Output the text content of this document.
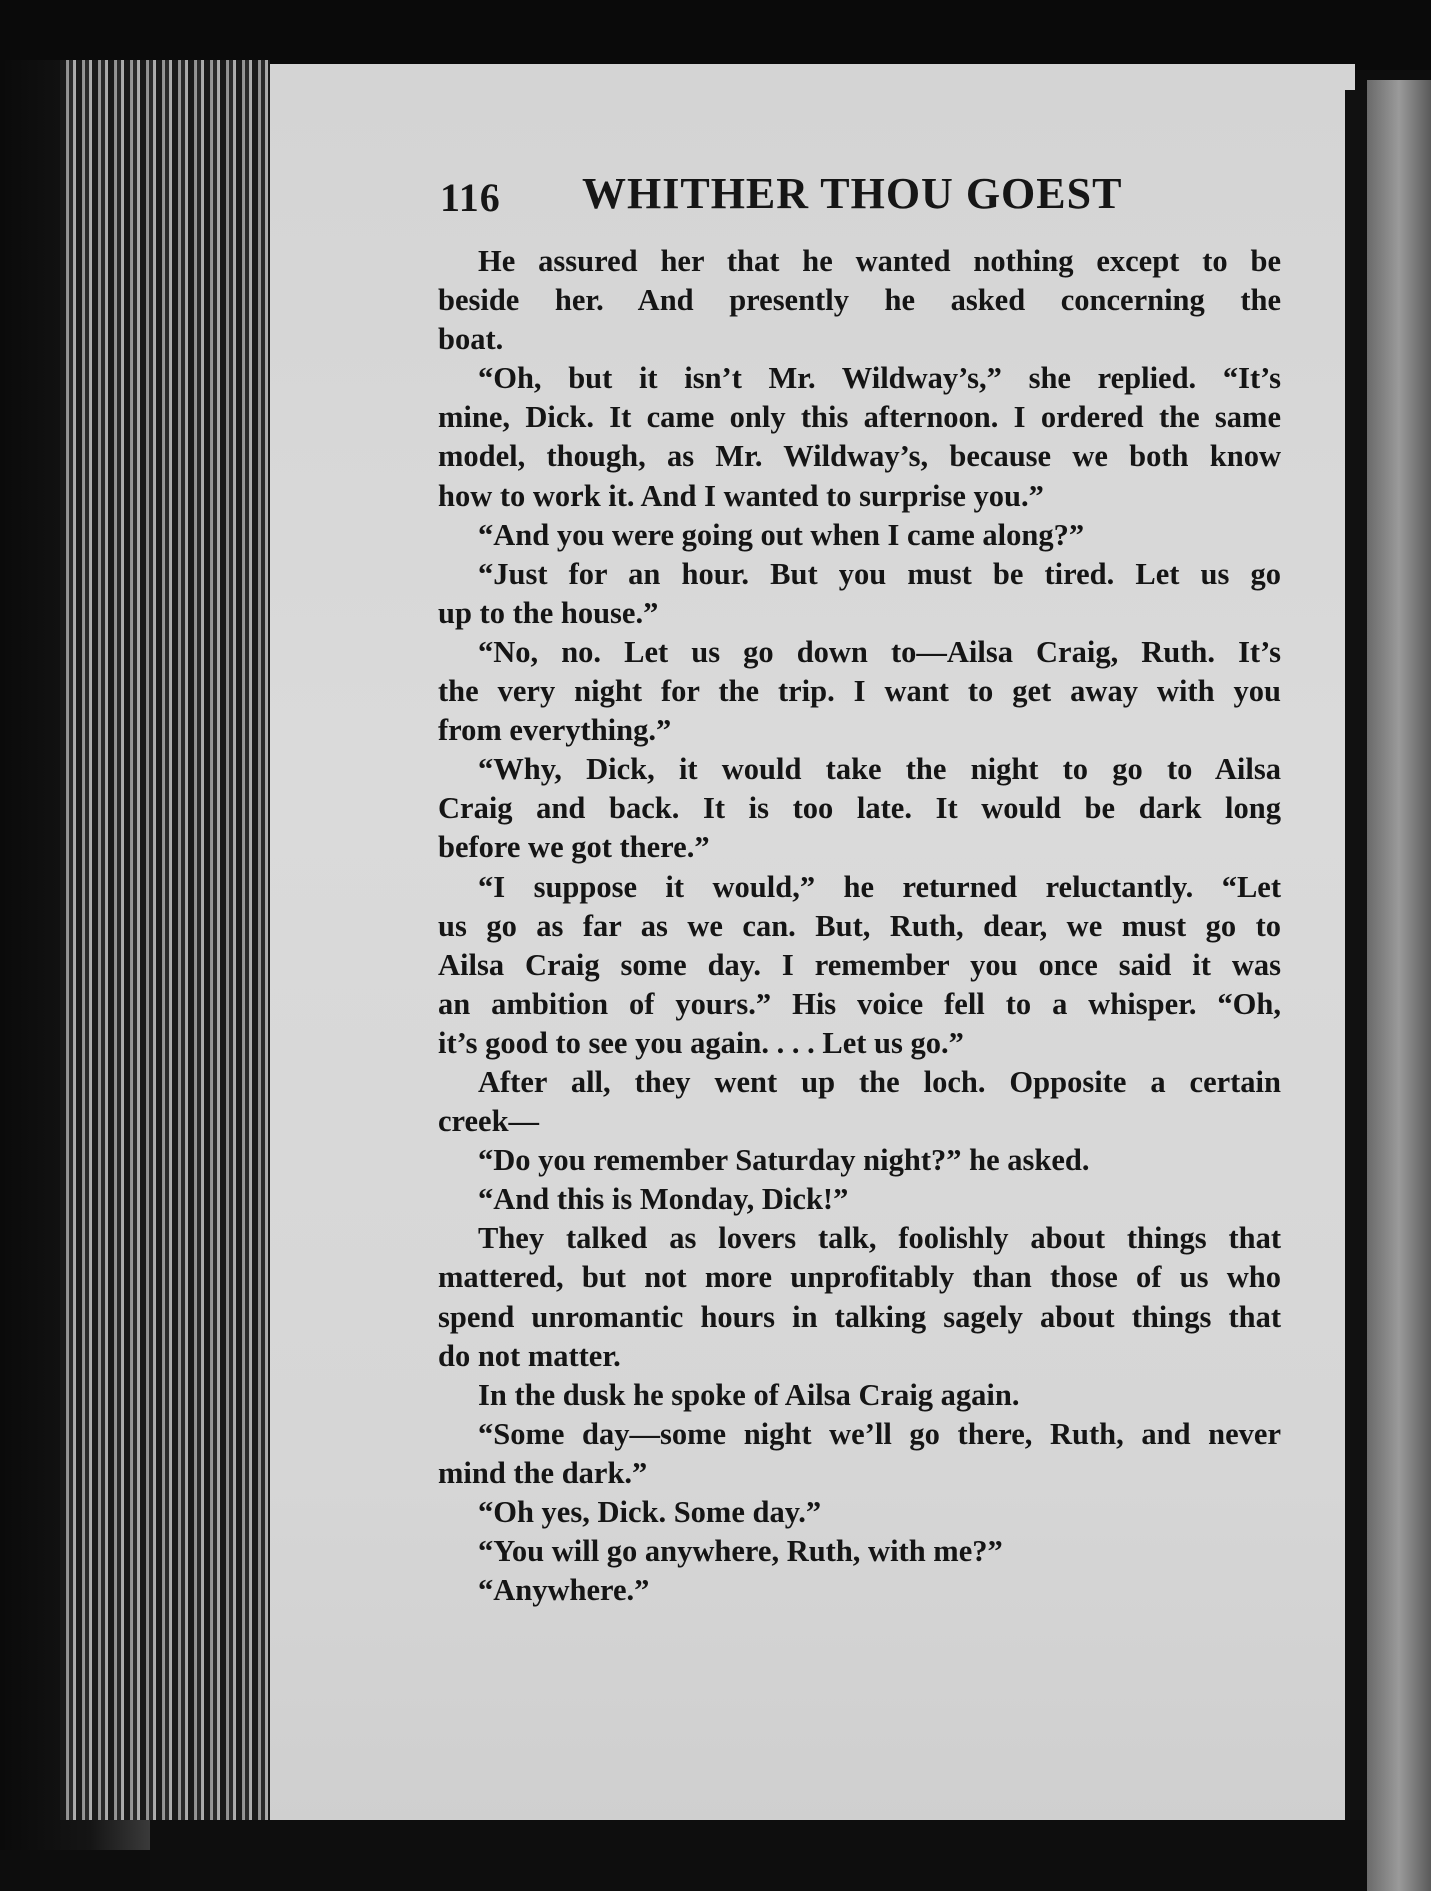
116 WHITHER THOU GOEST
He assured her that he wanted nothing except to be
beside her. And presently he asked concerning the
boat.
“Oh, but it isn’t Mr. Wildway’s,” she replied. “It’s
mine, Dick. It came only this afternoon. I ordered the same
model, though, as Mr. Wildway’s, because we both know
how to work it. And I wanted to surprise you.”
“And you were going out when I came along?”
“Just for an hour. But you must be tired. Let us go
up to the house.”
“No, no. Let us go down to—Ailsa Craig, Ruth. It’s
the very night for the trip. I want to get away with you
from everything.”
“Why, Dick, it would take the night to go to Ailsa
Craig and back. It is too late. It would be dark long
before we got there.”
“I suppose it would,” he returned reluctantly. “Let
us go as far as we can. But, Ruth, dear, we must go to
Ailsa Craig some day. I remember you once said it was
an ambition of yours.” His voice fell to a whisper. “Oh,
it’s good to see you again. . . . Let us go.”
After all, they went up the loch. Opposite a certain
creek—
“Do you remember Saturday night?” he asked.
“And this is Monday, Dick!”
They talked as lovers talk, foolishly about things that
mattered, but not more unprofitably than those of us who
spend unromantic hours in talking sagely about things that
do not matter.
In the dusk he spoke of Ailsa Craig again.
“Some day—some night we’ll go there, Ruth, and never
mind the dark.”
“Oh yes, Dick. Some day.”
“You will go anywhere, Ruth, with me?”
“Anywhere.”
